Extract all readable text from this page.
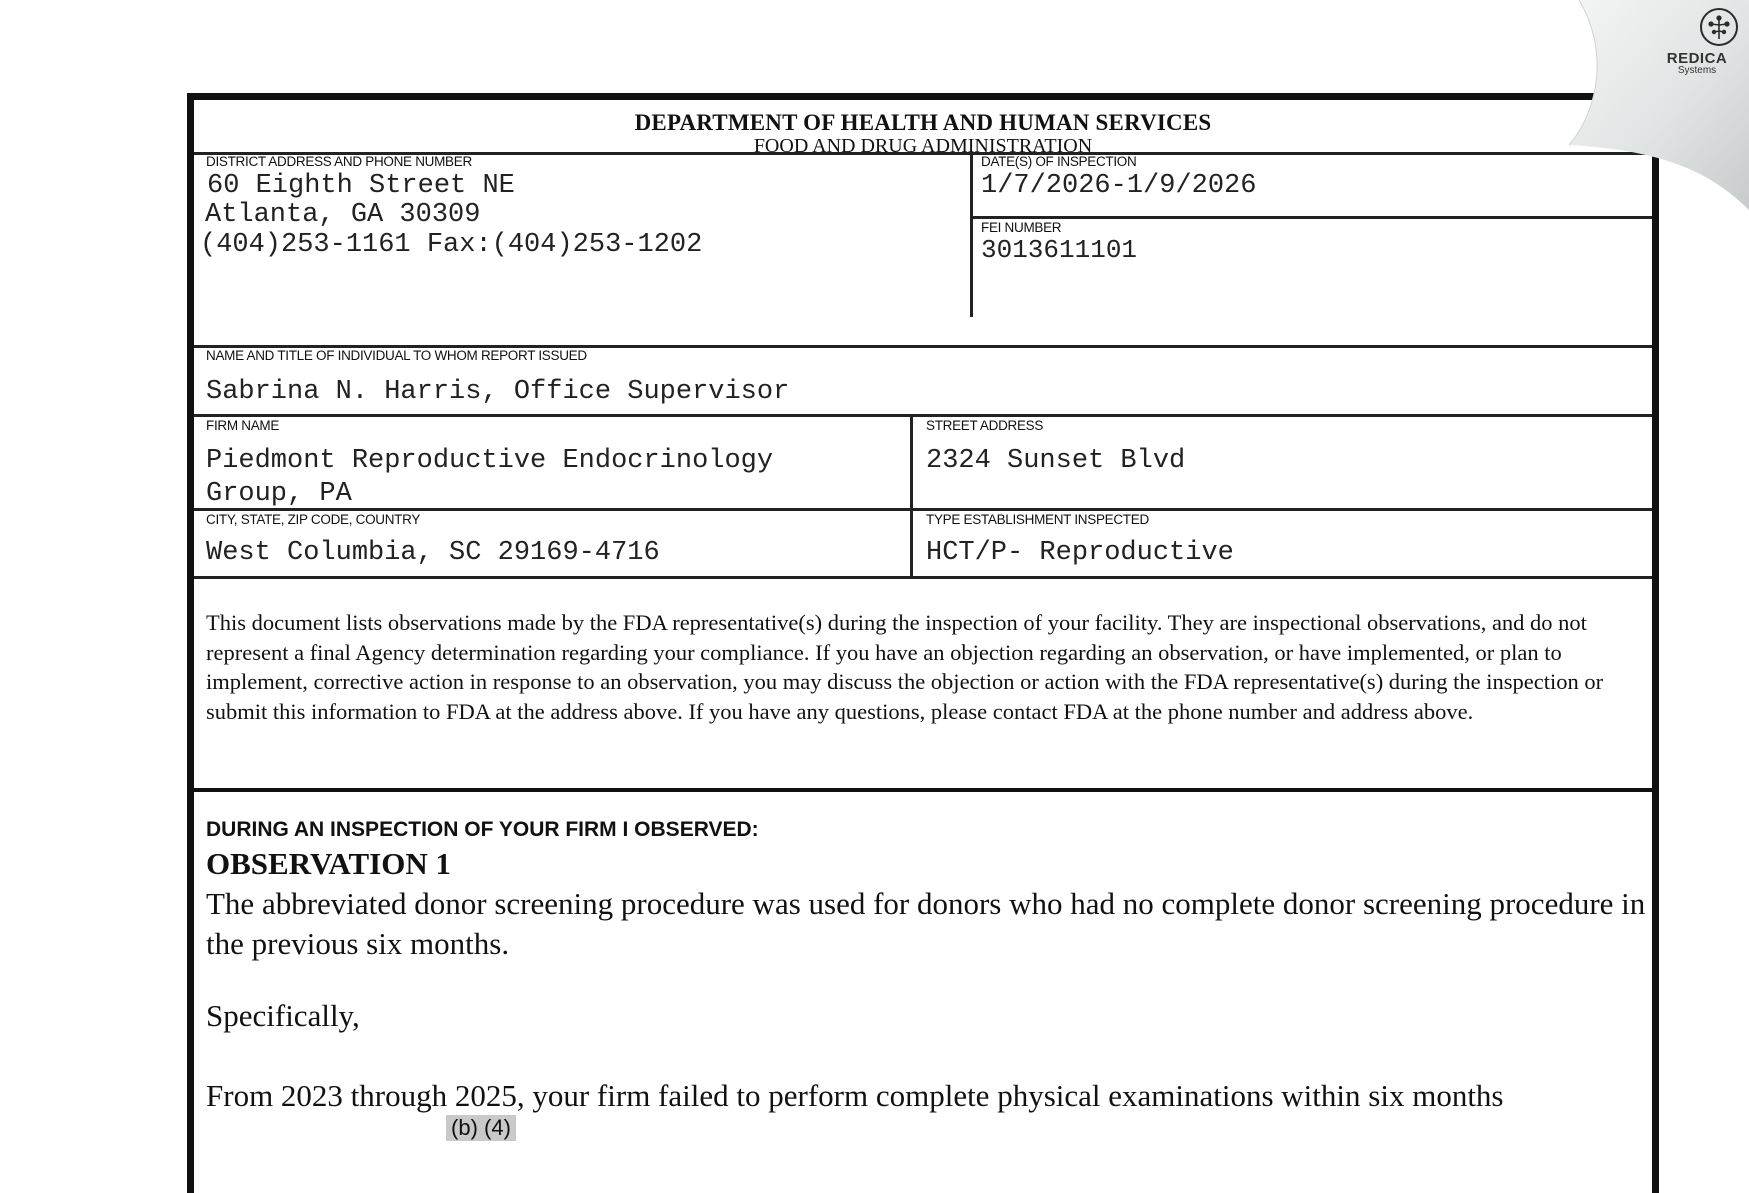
DEPARTMENT OF HEALTH AND HUMAN SERVICES
FOOD AND DRUG ADMINISTRATION
DISTRICT ADDRESS AND PHONE NUMBER
60 Eighth Street NE
Atlanta, GA 30309
(404)253-1161 Fax:(404)253-1202
DATE(S) OF INSPECTION
1/7/2026-1/9/2026
FEI NUMBER
3013611101
NAME AND TITLE OF INDIVIDUAL TO WHOM REPORT ISSUED
Sabrina N. Harris, Office Supervisor
FIRM NAME
Piedmont Reproductive Endocrinology
Group, PA
STREET ADDRESS
2324 Sunset Blvd
CITY, STATE, ZIP CODE, COUNTRY
West Columbia, SC 29169-4716
TYPE ESTABLISHMENT INSPECTED
HCT/P- Reproductive
This document lists observations made by the FDA representative(s) during the inspection of your facility. They are inspectional observations, and do not represent a final Agency determination regarding your compliance. If you have an objection regarding an observation, or have implemented, or plan to implement, corrective action in response to an observation, you may discuss the objection or action with the FDA representative(s) during the inspection or submit this information to FDA at the address above. If you have any questions, please contact FDA at the phone number and address above.
DURING AN INSPECTION OF YOUR FIRM I OBSERVED:
OBSERVATION 1
The abbreviated donor screening procedure was used for donors who had no complete donor screening procedure in the previous six months.
Specifically,
From 2023 through 2025, your firm failed to perform complete physical examinations within six months
(b) (4)
REDICA
Systems
